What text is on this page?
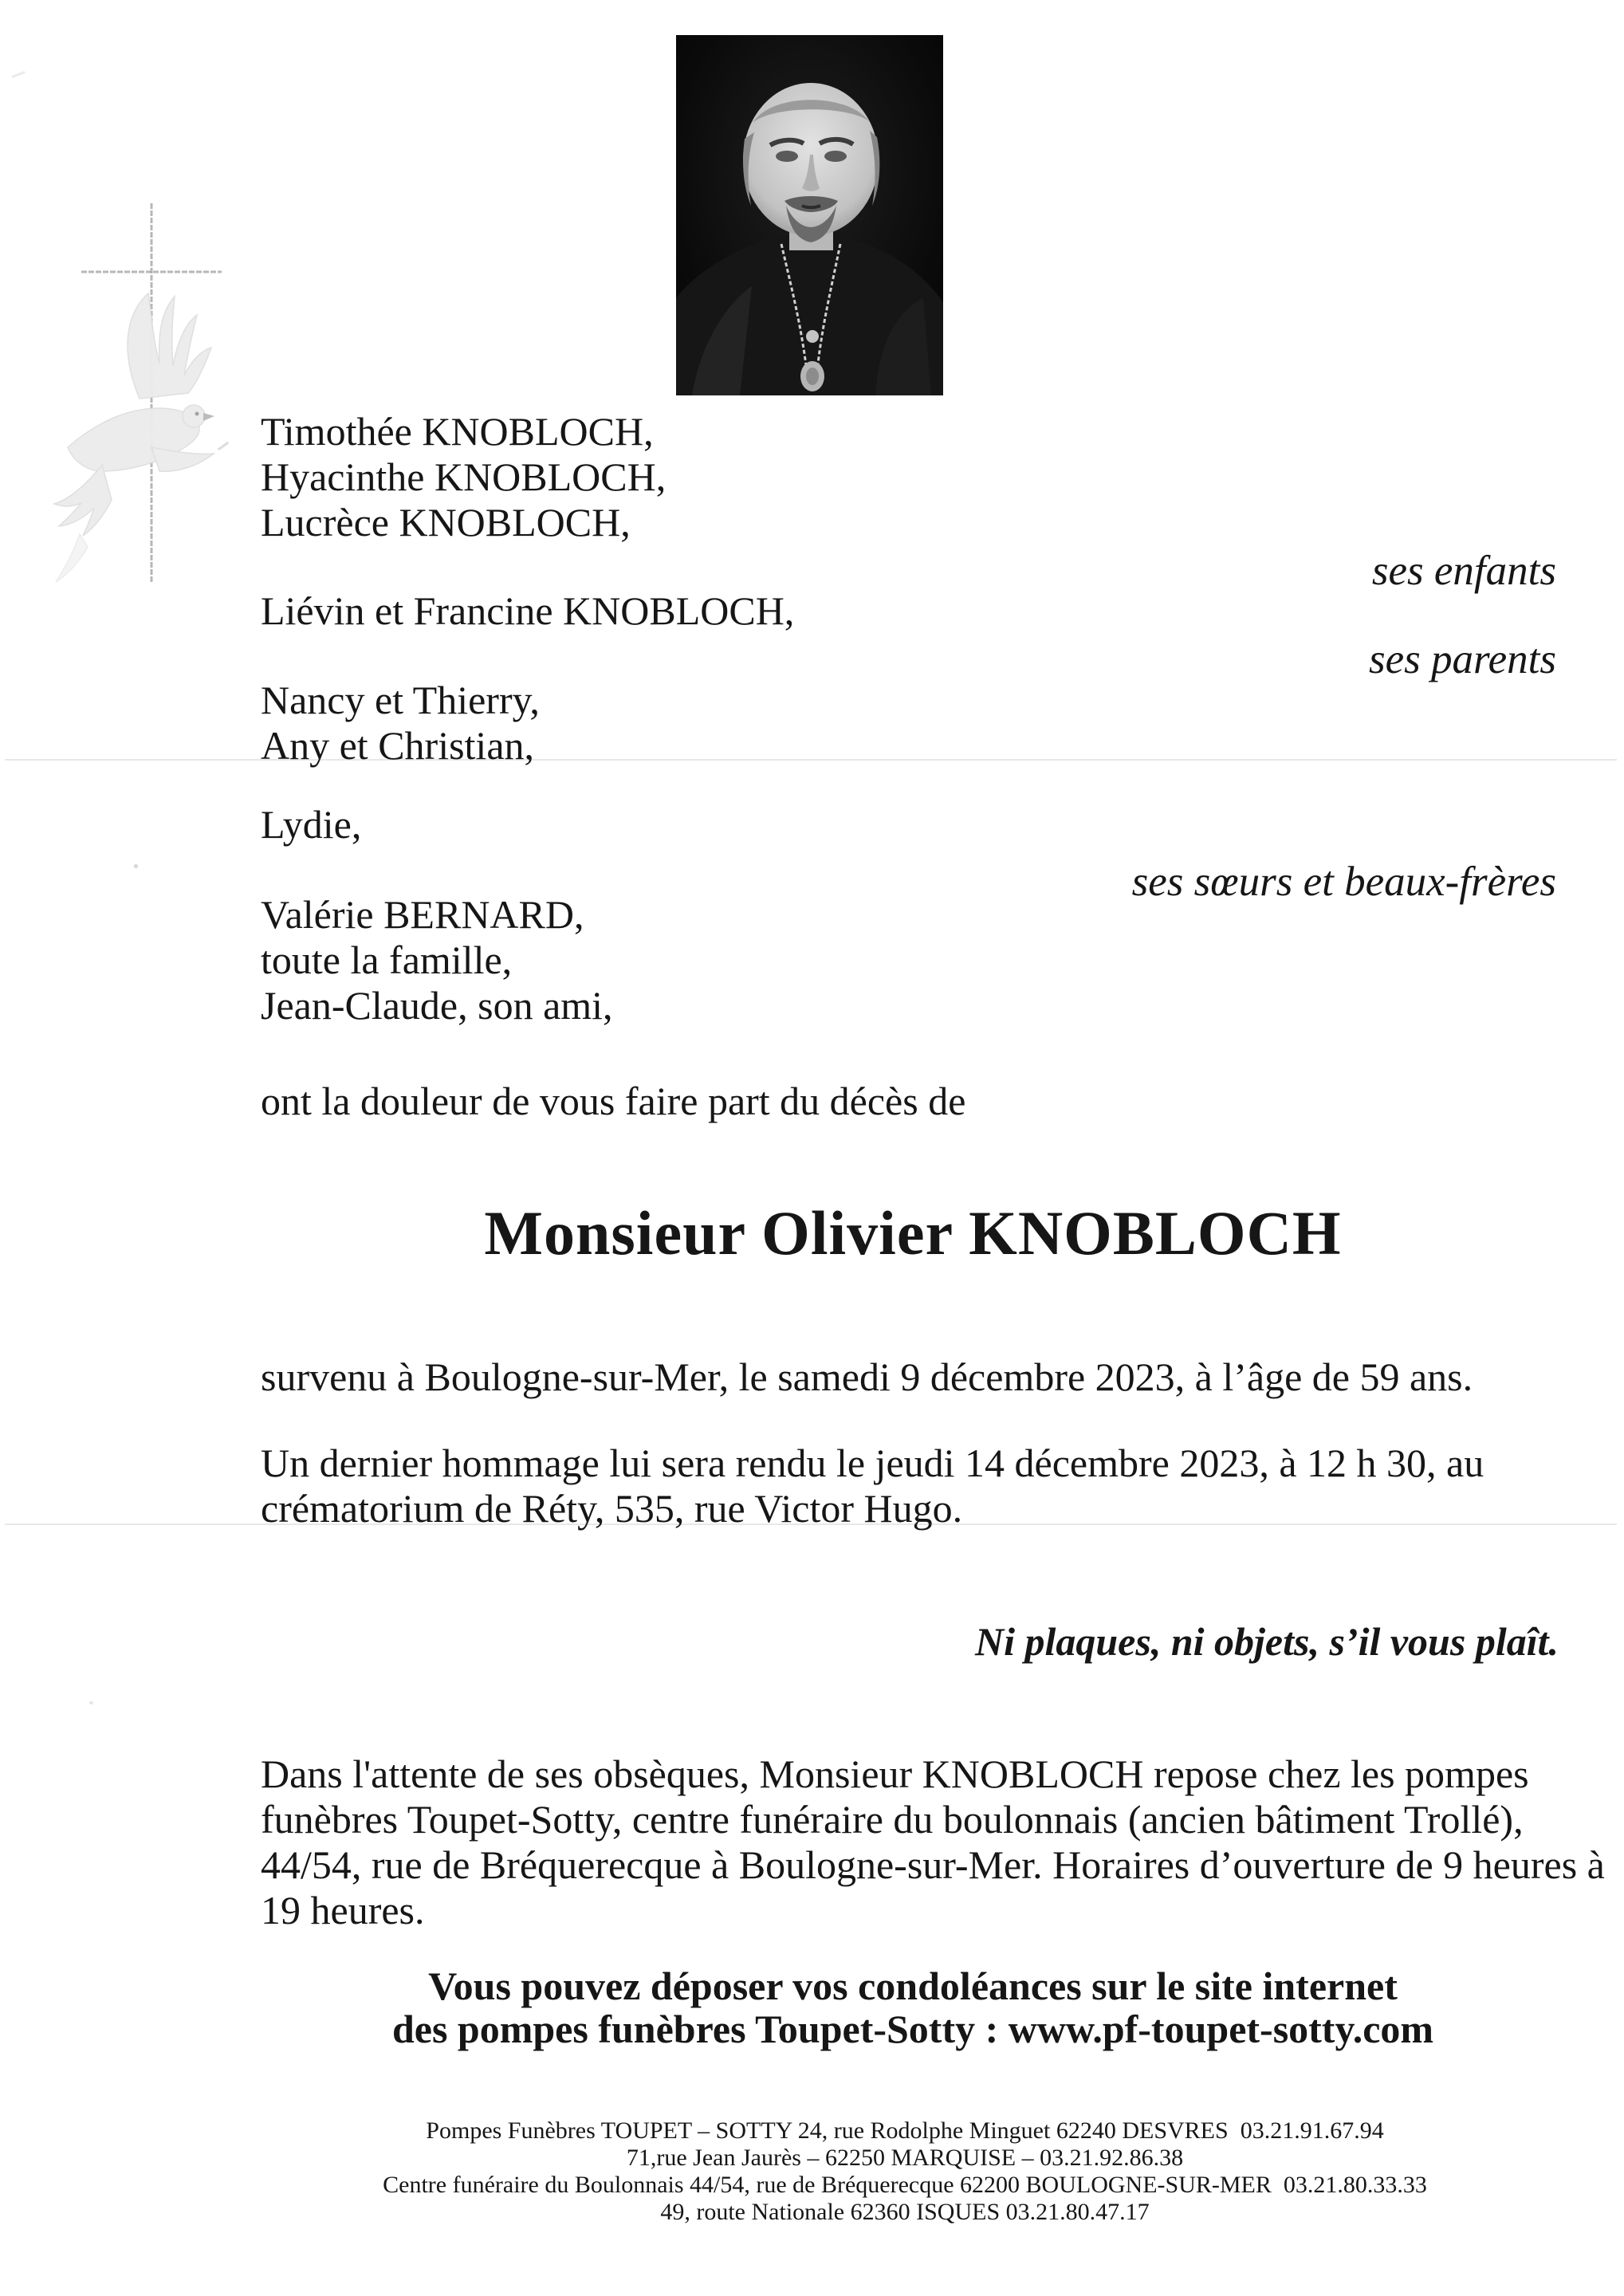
Timothée KNOBLOCH,
Hyacinthe KNOBLOCH,
Lucrèce KNOBLOCH,
ses enfants
Liévin et Francine KNOBLOCH,
ses parents
Nancy et Thierry,
Any et Christian,
Lydie,
ses sœurs et beaux-frères
Valérie BERNARD,
toute la famille,
Jean-Claude, son ami,
ont la douleur de vous faire part du décès de
Monsieur Olivier KNOBLOCH
survenu à Boulogne-sur-Mer, le samedi 9 décembre 2023, à l’âge de 59 ans.
Un dernier hommage lui sera rendu le jeudi 14 décembre 2023, à 12 h 30, au
crématorium de Réty, 535, rue Victor Hugo.
Ni plaques, ni objets, s’il vous plaît.
Dans l'attente de ses obsèques, Monsieur KNOBLOCH repose chez les pompes
funèbres Toupet-Sotty, centre funéraire du boulonnais (ancien bâtiment Trollé),
44/54, rue de Bréquerecque à Boulogne-sur-Mer. Horaires d’ouverture de 9 heures à
19 heures.
Vous pouvez déposer vos condoléances sur le site internet
des pompes funèbres Toupet-Sotty : www.pf-toupet-sotty.com
Pompes Funèbres TOUPET – SOTTY 24, rue Rodolphe Minguet 62240 DESVRES  03.21.91.67.94
71,rue Jean Jaurès – 62250 MARQUISE – 03.21.92.86.38
Centre funéraire du Boulonnais 44/54, rue de Bréquerecque 62200 BOULOGNE-SUR-MER  03.21.80.33.33
49, route Nationale 62360 ISQUES 03.21.80.47.17
